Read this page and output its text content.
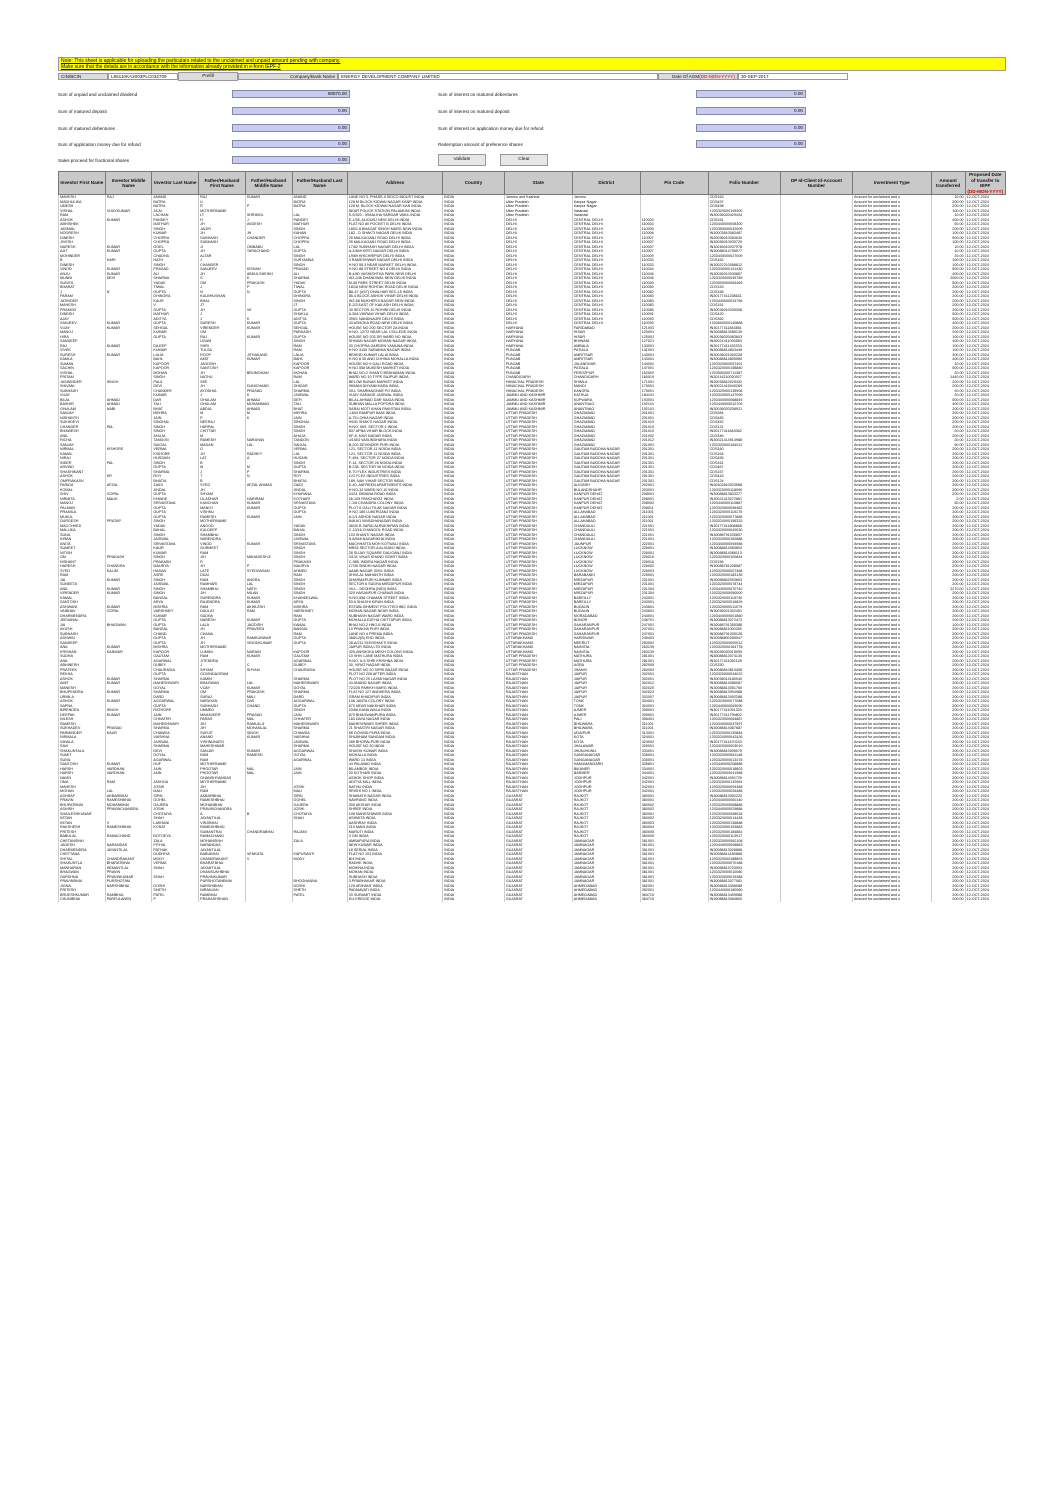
Note: This sheet is applicable for uploading the particulars related to the unclaimed and unpaid amount pending with company.
Make sure that the details are in accordance with the information already provided in e-form IEPF-2
CIN/BCIN	L85110KA2003PLC032709	Prefill	Company/Bank Name	ENERGY DEVELOPMENT COMPANY LIMITED	Date Of AGM(DD-MON-YYYY)	30-SEP-2017
Sum of unpaid and unclaimed dividend	88870.00
Sum of matured deposit	0.00
Sum of matured debentures	0.00
Sum of application money due for refund	0.00
Sales proceed for fractional shares	0.00
Sum of interest on matured debentures	0.00
Sum of interest on matured deposit	0.00
Sum of interest on application money due for refund	0.00
Redemption amount of preference shares	0.00
Validate	Clear
Investor First Name	Investor Middle Name	Investor Last Name	Father/Husband First Name	Father/Husband Middle Name	Father/Husband Last Name	Address	Country	State	District	Pin Code	Folio Number	DP Id-Client Id-Account Number	Investment Type	Amount transferred	Proposed Date of transfer to IEPF
(DD-MON-YYYY)
MAHESH	RAJ	ANAND	RAJ	KUMAR	ANAND	LANE NO 3, PHASE-II SIDCO INDUST INDIA	INDIA	Jammu and Kashmir	Jammu		CDS163		Amount for unclaimed and u	10.00	12-OCT-2024
MADHULIKA		BATRA	U		BATRA	128 M BLOCK KIDWAI NAGAR KANP INDIA	INDIA	Uttar Pradesh	Kanpur Nagar		CDS497		Amount for unclaimed and u	200.00	12-OCT-2024
UMESH		BATRA	R	P	BATRA	128 M, BLOCK KIDWAI NAGAR KAN INDIA	INDIA	Uttar Pradesh	Kanpur Nagar		CDS498		Amount for unclaimed and u	200.00	12-OCT-2024
VISHAL	VIJAYKUMAR	JAJU	MOTHERNAME			NEAR POLICE STATION PALAMUNI INDIA	INDIA	Uttar Pradesh	Varanasi		1203320000199300		Amount for unclaimed and u	100.00	12-OCT-2024
RAM		LACHAN	LT	SHRIMOL	LAL	S-9/320 - VIMALIHA SARDAR VAKIL INDIA	INDIA	Uttar Pradesh	Varanasi		IN30036020429434		Amount for unclaimed and u	10.00	12-OCT-2024
ASHOK	KUMAR	PANDEY	H	J	PANDEY	E-1/28, ALIGUNJ NEW DELHI INDIA	INDIA	DELHI	CENTRAL DELHI	110003	CDS151		Amount for unclaimed and u	400.00	12-OCT-2024
ABHISHEK		MATHUR	JH	AVDESH	MATHUR	FLAT NO 80 POCKET B DELHI INDIA	INDIA	DELHI	CENTRAL DELHI	110003	1203440000008300		Amount for unclaimed and u	50.00	12-OCT-2024
JASMAIL		SINGH	JAGIR		SINGH	180/1 A BHAGAT SINGH MARG NEW INDIA	INDIA	DELHI	CENTRAL DELHI	110005	1203350000042009		Amount for unclaimed and u	200.00	12-OCT-2024
NOORESH		KUMAR	JH	JH	KAHAN	182 - D SHAKTI NAGAR DELHI INDIA	INDIA	DELHI	CENTRAL DELHI	110006	IN30003810083487		Amount for unclaimed and u	100.00	12-OCT-2024
DINESH		CHOPRA	SUBHASH	CHANDER	CHOPRA	25 MALKAGANJ ROAD DELHI INDIA	INDIA	DELHI	CENTRAL DELHI	110007	IN30036010083630		Amount for unclaimed and u	500.00	12-OCT-2024
JIVESH		CHOPRA	SUBHASH		CHOPRA	25 MALKAGANJ ROAD DELHI INDIA	INDIA	DELHI	CENTRAL DELHI	110007	IN30036010030720		Amount for unclaimed and u	100.00	12-OCT-2024
NARESH	KUMAR	GOEL	JI	OMBABU	LAL	17/62 SUBHASH NAGAR DELHI INDIA	INDIA	DELHI	CENTRAL DELHI	110007	IN30246010037978		Amount for unclaimed and u	10.00	12-OCT-2024
AJIT	KUMAR	GUPTA	JH	TARACHAND	GUPTA	A-2/469 KIRTI NAGAR DELHI INDIA	INDIA	DELHI	CENTRAL DELHI	110007	IN30088014755577		Amount for unclaimed and u	10.00	12-OCT-2024
MOHINDER		CHADHA	ALTAR		SINGH	19/69 KHICHRIPUR DELHI INDIA	INDIA	DELHI	CENTRAL DELHI	110009	1203440000027009		Amount for unclaimed and u	20.00	12-OCT-2024
B	HARI	NATH	J		SURYANNA	3 RAMESHWAR NAGAR DELHI INDIA	INDIA	DELHI	CENTRAL DELHI	110033	CDS162		Amount for unclaimed and u	100.00	12-OCT-2024
DINESH		SINGH	CHANDER		SINGH	H NO 55 3 NEAR MARKET DELHI INDIA	INDIA	DELHI	CENTRAL DELHI	110033	IN30022210088812		Amount for unclaimed and u	100.00	12-OCT-2024
VINOD	KUMAR	PRASAD	SANJEEV	KISHAN	PRASAD	H NO 88 STREET NO 8 DELHI INDIA	INDIA	DELHI	CENTRAL DELHI	110044	1203330000141430		Amount for unclaimed and u	500.00	12-OCT-2024
ANJU	KUMAR	ALI	JH	ABDULSHEIKH	ALI	B-4/80 VASHISHTHA PARK NEW DELHI	INDIA	DELHI	CENTRAL DELHI	110046	IN30036010039867		Amount for unclaimed and u	400.00	12-OCT-2024
MUNNI	DEVI	SHARMA	S	K	SHARMA	WZ-346 DHANDWAL NEW DELHI INDIA	INDIA	DELHI	CENTRAL DELHI	110046	1203320000045789		Amount for unclaimed and u	2000.00	12-OCT-2024
SUNITA		YADAV	OM	PRAKASH	YADAV	M-36 PARK STREET DELHI INDIA	INDIA	DELHI	CENTRAL DELHI	110049	1203500000064469		Amount for unclaimed and u	500.00	12-OCT-2024
BHARAT		TIWAL	J	P	TIWAL	18/18 NEW ROHTAK ROAD DELHI INDIA	INDIA	DELHI	CENTRAL DELHI	110050	CDS153		Amount for unclaimed and u	200.00	12-OCT-2024
J	N	GUPTA	N	N	GUPTA	B6-47 (AST) DHALHAR SEC-15 INDIA	INDIA	DELHI	CENTRAL DELHI	110082	CDS158		Amount for unclaimed and u	200.00	12-OCT-2024
PARAM		DHINGRA	KULBHUSHAN		DHINGRA	85-4 BLOCK ASHOK VIHAR DELHI INDIA	INDIA	DELHI	CENTRAL DELHI	110083	IN30177411238631		Amount for unclaimed and u	200.00	12-OCT-2024
JATINDER		KAUR	BHAL		SINGH	WZ-68 MUKHERJI NAGAR NEW INDIA	INDIA	DELHI	CENTRAL DELHI	110083	1203440000034796		Amount for unclaimed and u	200.00	12-OCT-2024
MAHESH		V	JT		JT	E-2/3 EAST OF KAILASH DELHI INDIA	INDIA	DELHI	CENTRAL DELHI	110083	CDS151		Amount for unclaimed and u	200.00	12-OCT-2024
PRAMOD		GUPTA	JH	VK	GUPTA	30 SECTOR-10 ROHINI DELHI INDIA	INDIA	DELHI	CENTRAL DELHI	110085	IN30036010035308		Amount for unclaimed and u	200.00	12-OCT-2024
DINESH		MATHUR	J		SHUKLA	8-30A VIKRAM VIHAR DELHI INDIA	INDIA	DELHI	CENTRAL DELHI	110091	CDS420		Amount for unclaimed and u	500.00	12-OCT-2024
AJAY		ADITYA	J	K	ADITYA	395/1 NANDNAGRI DELHI INDIA	INDIA	DELHI	CENTRAL DELHI	110093	CDS362		Amount for unclaimed and u	500.00	12-OCT-2024
SANJEEV	KUMAR	GUPTA	SURESH	KUMAR	GUPTA	43 ASHOKA ROAD NEW DELHI INDIA	INDIA	DELHI	CENTRAL DELHI	110093	1203600000140888		Amount for unclaimed and u	400.00	12-OCT-2024
VIJAY	KUMAR	SEHGAL	VIRENDER	KUMAR	SEHGAL	HOUSE NO 200 SECTOR 2A INDIA	INDIA	HARYANA	FARIDABAD	121003	IN30177411843851		Amount for unclaimed and u	200.00	12-OCT-2024
MANOJ		KUMAR	OM		PARKASH	H.NO. 12/72 NEAR LAL COLLEGE INDIA	INDIA	HARYANA	HISAR	125001	IN30088813085130		Amount for unclaimed and u	200.00	12-OCT-2024
HIRA		GUPTA	RAJ	KUMAR	GUPTA	HOUSE NO 203 DR WARD NO INDIA	INDIA	HARYANA	HISAR	125001	IN30036020083603		Amount for unclaimed and u	100.00	12-OCT-2024
SANDEEP			UGAM		SINGH	SHIVAM NAGAR MOHAN NAGAR INDIA	INDIA	HARYANA	BHIWANI	127021	IN30021411093583		Amount for unclaimed and u	400.00	12-OCT-2024
RAJ	KUMAR	DILEEP	SHRI		RAM	20 CHOPRA GARDEN YAMUNA INDIA	INDIA	HARYANA	AMBALA	133001	IN30177411433333		Amount for unclaimed and u	100.00	12-OCT-2024
VIVEK		KUMAR	TULSA		RAM	H NO 3155 SARABHA NAGAR INDIA	INDIA	PUNJAB	PATIALA	141001	IN30088814803446		Amount for unclaimed and u	100.00	12-OCT-2024
SURESH	KUMAR	LALIA	ROOP	JITHAKAND	LALIA	BEHIND KUMAR LALIA INDIA	INDIA	PUNJAB	AMRITSAR	143001	IN30036021000228		Amount for unclaimed and u	300.00	12-OCT-2024
KAMLA		BAHL	AMIT	KUMAR	BAHL	H NO 8 30 AND CHHINA MOHALLA INDIA	INDIA	PUNJAB	AMRITSAR	143001	IN30088814805060		Amount for unclaimed and u	400.00	12-OCT-2024
SUMAN		KAPOOR	JAGDISH		KAPOOR	HOUSE NO 9 GALI ROAD INDIA	INDIA	PUNJAB	JALANDHAR	144002	1203320000057451		Amount for unclaimed and u	10.00	12-OCT-2024
SACHIN		KAPOOR	SANTOSH		KAPOOR	H NO 556 MUKESH MARKET INDIA	INDIA	PUNJAB	PATIALA	147001	1203320000158880		Amount for unclaimed and u	500.00	12-OCT-2024
VISHAL		MOHAN	JH	BRIJMOHAN	MOHAN	BHAJ NO-2 SHANTI BRAHAMAN INDIA	INDIA	PUNJAB	FEROZPUR	152002	1203500000711387		Amount for unclaimed and u	20.00	12-OCT-2024
PRITAM		SINGH	NATHU		RAM	WARD NO 10 TYPE SAJPUR INDIA	INDIA	CHANDIGARH	CHANDIGARH	160019	IN30114310020927		Amount for unclaimed and u	1440.00	12-OCT-2024
JASWINDER	SINGH	PAUL	SEE		LAL	BELOW BUNAS MARKET INDIA	INDIA	HIMACHAL PRADESH	SHIMLA	171001	IN30038810025432		Amount for unclaimed and u	200.00	12-OCT-2024
SHIVANI		DEVI	JH	DUNICHAND	SHIGAR	HIMANI DHYANKHARA INDIA	INDIA	HIMACHAL PRADESH	MANDI	175001	IN30021415040269		Amount for unclaimed and u	200.00	12-OCT-2024
SUBHASH		CHANDER	AYODHIA	PRASAD	SHARMA	VILL SHARMAGHAR PO INDIA	INDIA	HIMACHAL PRADESH	KANGRA	176001	1203320000135908		Amount for unclaimed and u	20.00	12-OCT-2024
VIJAY		KUMAR	J	K	JAISWAL	VIJAY GARAGE JAISWAL INDIA	INDIA	JAMMU AND KASHMIR	KATHUA	184101	1203320000147999		Amount for unclaimed and u	20.00	12-OCT-2024
BILAL	AHMAD	DAR	GHULAM	AHMAD	DEFI	BILAL AHMAD DAR SAIDA INDIA	INDIA	JAMMU AND KASHMIR	KUPWARA	193001	1203440000068849		Amount for unclaimed and u	500.00	12-OCT-2024
BASHIR	AHMAD	TALI	GHULAM	MOHAMMAD	TALI	SUBHAN MALLA POPORA INDIA	INDIA	JAMMU AND KASHMIR	ANANTNAG	192101	1203440000012709		Amount for unclaimed and u	400.00	12-OCT-2024
GHULAM	NABI	BHAT	ABDUL	AHMAD	BHAT	SARAI MOTI KHAN PAKISTAN INDIA	INDIA	JAMMU AND KASHMIR	ANANTNAG	192101	IN30036020208921		Amount for unclaimed and u	200.00	12-OCT-2024
SANJAY		MEHRA	M	M	MEHRA	J-604 RAMPUR BANI INDIA	INDIA	UTTAR PRADESH	GHAZIABAD	201001	CDS384		Amount for unclaimed and u	200.00	12-OCT-2024
NISHANTH		JAIN	P	K	JAIN	A-75 LOHIA NAGAR INDIA	INDIA	UTTAR PRADESH	GHAZIABAD	201001	CDS483		Amount for unclaimed and u	200.00	12-OCT-2024
SUKHDEVI		SINGHAL	NEERAJ		SINGHAL	94/31 SHAKTI NAGAR INDIA	INDIA	UTTAR PRADESH	GHAZIABAD	201010	CDS452		Amount for unclaimed and u	200.00	12-OCT-2024
CHANDER	PAL	SINGH	HARPAL		SINGH	H.NO. 509, SECTOR 4 INDIA	INDIA	UTTAR PRADESH	GHAZIABAD	201010	CDS131		Amount for unclaimed and u	200.00	12-OCT-2024
BHAWESH		SINGH	CHITTAR		SINGH	837 APNA VIHAR BLOCK INDIA	INDIA	UTTAR PRADESH	GHAZIABAD	201010	IN30177411843062		Amount for unclaimed and u	20.00	12-OCT-2024
ANIL		AHUJA	M		AHUJA	KF-8, KAVI NAGAR INDIA	INDIA	UTTAR PRADESH	GHAZIABAD	201002	CDS346		Amount for unclaimed and u	200.00	12-OCT-2024
RICHA		TANDON	RAMESH	NARAYAN	TANDON	4/1503 VASUNDHARA INDIA	INDIA	UTTAR PRADESH	GHAZIABAD	201012	IN30021414914988		Amount for unclaimed and u	20.00	12-OCT-2024
SANJAY		SAIGAL	MADAN	LAL	SAIGAL	B-202 DEVINDER PURI INDIA	INDIA	UTTAR PRADESH	GHAZIABAD	201001	1203320000164012		Amount for unclaimed and u	50.00	12-OCT-2024
NIRMAL	KISHORE	VERMA	G		VERMA	I-21, SECTOR-11 NOIDA INDIA	INDIA	UTTAR PRADESH	GAUTAM BUDDHA NAGAR	201301	CDS160		Amount for unclaimed and u	200.00	12-OCT-2024
KAMAL		KISHORE	JH	RADHEY	LAL	I-21, SECTOR 11 NOIDA INDIA	INDIA	UTTAR PRADESH	GAUTAM BUDDHA NAGAR	201301	CDS164		Amount for unclaimed and u	200.00	12-OCT-2024
NIRAJ		HUSSAIN	LAT	A	HUSAIN	F-494, SECTOR 27 NOIDA INDIA	INDIA	UTTAR PRADESH	GAUTAM BUDDHA NAGAR	201301	CDS455		Amount for unclaimed and u	200.00	12-OCT-2024
INDER	PAL	SINGH	B		SINGH	F-14, SECTOR 26 NOIDA INDIA	INDIA	UTTAR PRADESH	GAUTAM BUDDHA NAGAR	201301	CDS161		Amount for unclaimed and u	200.00	12-OCT-2024
ARVIND		GUPTA	M	M	GUPTA	B-238, SECTOR 36 NOIDA INDIA	INDIA	UTTAR PRADESH	GAUTAM BUDDHA NAGAR	201301	CDS467		Amount for unclaimed and u	200.00	12-OCT-2024
SHASHIKANT		SHARMA	J	P	SHARMA	E-70 FLEX INDUSTRIES INDIA	INDIA	UTTAR PRADESH	GAUTAM BUDDHA NAGAR	201301	CDS157		Amount for unclaimed and u	200.00	12-OCT-2024
ASHOK	KR	ROY	T	N	ROY	C/O FLEX INDUSTRIES INDIA	INDIA	UTTAR PRADESH	GAUTAM BUDDHA NAGAR	201301	CDS443		Amount for unclaimed and u	200.00	12-OCT-2024
OMPRAKASH		BHATIA	B		BHATIA	189, NAV VIHAR SECTOR INDIA	INDIA	UTTAR PRADESH	GAUTAM BUDDHA NAGAR	201301	CDS124		Amount for unclaimed and u	200.00	12-OCT-2024
FARIDA	AFZAL	ZAIDI	SYED	AFZAL AHMAD	ZAIDI	E-40, AAFREEN APARTMENTS INDIA	INDIA	UTTAR PRADESH	ALIGARH	202001	IN30302810023588		Amount for unclaimed and u	200.00	12-OCT-2024
KOMAL		JINDAL	JH		JINDAL	H NO-10 WARD NO-10 INDIA	INDIA	UTTAR PRADESH	BULANDSHAHR	203001	1203320000118090		Amount for unclaimed and u	200.00	12-OCT-2024
SHIV	GOPAL	GUPTA	SHYAM		KHURANA	24/11 DIBIANA ROAD INDIA	INDIA	UTTAR PRADESH	KANPUR DEHAT	208001	IN30088813833377		Amount for unclaimed and u	200.00	12-OCT-2024
NIRMITA	MALIK	KHINDE	LILADHAR	HARIRAM	KOTHARI	26-105 PANCHAYAT INDIA	INDIA	UTTAR PRADESH	KANPUR DEHAT	208001	IN30021413072861		Amount for unclaimed and u	2.00	12-OCT-2024
MANOJ		SRIVASTAVA	KANCHAN	KUMAR	SRIVASTAVA	7-1/6 CHANDRA COLONY INDIA	INDIA	UTTAR PRADESH	KANPUR DEHAT	208002	1203440000110887		Amount for unclaimed and u	50.00	12-OCT-2024
PALMAN		GUPTA	MANOJ	KUMAR	GUPTA	PLOT 6 GALI TILAK NAGAR INDIA	INDIA	UTTAR PRADESH	KANPUR DEHAT	208011	1203320000096482		Amount for unclaimed and u	200.00	12-OCT-2024
PRAMILA		GUPTA	VISHNU		GUPTA	H NO 180 LUKERGANJ INDIA	INDIA	UTTAR PRADESH	ALLAHABAD	211001	1203320000115175		Amount for unclaimed and u	200.00	12-OCT-2024
MUKUL		GUPTA	RAMESH	KUMAR	JAIN	A-2/1 ASHOK NAGAR INDIA	INDIA	UTTAR PRADESH	ALLAHABAD	211001	1203320000077885		Amount for unclaimed and u	300.00	12-OCT-2024
DURGESH	PRATAP	SINGH	MOTHERNAME			848 A/1 NIVADHANASAR INDIA	INDIA	UTTAR PRADESH	ALLAHABAD	211001	1203320000156333		Amount for unclaimed and u	200.00	12-OCT-2024
MACCHHED		YADAV	ANOOD		YADAV	38/40 B SARAI ALRUKHIRAN INDIA	INDIA	UTTAR PRADESH	CHANDAULI	221001	IN30177411808868		Amount for unclaimed and u	200.00	12-OCT-2024
MALLIKA		BAHAL	KULDEEP		BAHAL	C 13/16 CHANGOL ROAD INDIA	INDIA	UTTAR PRADESH	CHANDAULI	221001	1203320000040030		Amount for unclaimed and u	200.00	12-OCT-2024
SUNIL		SINGH	SHAMBHU		SINGH	103 SHANTI NAGAR INDIA	INDIA	UTTAR PRADESH	CHANDAULI	221001	IN30088791030897		Amount for unclaimed and u	200.00	12-OCT-2024
KIRAN		JAISWAL	NARENDRA		JAISWAL	S-8/548 NAGARIKHA INDIA	INDIA	UTTAR PRADESH	CHANDAULI	221001	1203320000162888		Amount for unclaimed and u	200.00	12-OCT-2024
ANITA		SRIVASTAVA	VINOD	KUMAR	SRIVASTAVA	MACHHATTA MOH KOTWALI INDIA	INDIA	UTTAR PRADESH	JAUNPUR	222001	1203440000094988		Amount for unclaimed and u	200.00	12-OCT-2024
SUMEET		KAUR	GURMEET		SINGH	MR53 SECTOR-A ALIGANJ INDIA	INDIA	UTTAR PRADESH	LUCKNOW	226001	IN30088814083803		Amount for unclaimed and u	200.00	12-OCT-2024
NITISH		KUMAR	RAM		SINGH	28 SUJAY SQUARE DALIGANJ INDIA	INDIA	UTTAR PRADESH	LUCKNOW	226001	IN30088814086113		Amount for unclaimed and u	200.00	12-OCT-2024
OM	PRAKASH	SINGH	JIH	MAHADESHJI	SINGH	3/131 VIKAS KHAND GOMTI INDIA	INDIA	UTTAR PRADESH	LUCKNOW	226010	1203320000100844		Amount for unclaimed and u	200.00	12-OCT-2024
NISHANT		PRAKASH	R		PRAKASH	C-985, INDIRA NAGAR INDIA	INDIA	UTTAR PRADESH	LUCKNOW	226016	CDS156		Amount for unclaimed and u	200.00	12-OCT-2024
HARESH	CHANDRA	MAURYA	JH	P	MAURYA	17/30 SINDHI NAGAR INDIA	INDIA	UTTAR PRADESH	LUCKNOW	226002	IN30088781208087		Amount for unclaimed and u	200.00	12-OCT-2024
SYED	KALIM	HASAN	LATE	SYEDHASAN	AHMED	AAAB NAGAR 300/1 INDIA	INDIA	UTTAR PRADESH	LUCKNOW	226003	1203320000007468		Amount for unclaimed and u	200.00	12-OCT-2024
RAM		ASRE	DUAI		RAM	SHIVLAL MAHANTH INDIA	INDIA	UTTAR PRADESH	BARABANKI	225001	1203320000183135		Amount for unclaimed and u	200.00	12-OCT-2024
JAI	KUMAR	SINGH	RAM	ANGRA	SINGH	DHARMAPURI KUMMAR INDIA	INDIA	UTTAR PRADESH	MIRZAPUR	231001	IN30088802093803		Amount for unclaimed and u	200.00	12-OCT-2024
SUNEETA		JAISWAL	RAMHARI	LAL	SINGH	SECTOR 6 SUDHA MIRZAPUR INDIA	INDIA	UTTAR PRADESH	MIRZAPUR	231001	1203320000078744		Amount for unclaimed and u	200.00	12-OCT-2024
ANIL	KUMAR	SINGH	SHAMBHU	NATH	SINGH	VILL - DEOHRA (NIDI) INDIA	INDIA	UTTAR PRADESH	MIRZAPUR	231304	1203440000070740		Amount for unclaimed and u	2270.00	12-OCT-2024
VIRENDER	KUMAR	SINGH	JIH	MILAN	SINGH	320 HASANPUR CHUNAR INDIA	INDIA	UTTAR PRADESH	MIRZAPUR	231304	1203320000090000		Amount for unclaimed and u	200.00	12-OCT-2024
KAMAL		BANSAL	SURENDRA	KUMAR	KHANDELWAL	H.NO-558 CHAMAN STREET INDIA	INDIA	UTTAR PRADESH	BAREILLY	243001	1203320000119740		Amount for unclaimed and u	200.00	12-OCT-2024
SANTOSH		ARYA	RAJENDRA	KUMAR	ARYA	53 A SHASHI KIRAN INDIA	INDIA	UTTAR PRADESH	BAREILLY	243001	1203320000016829		Amount for unclaimed and u	200.00	12-OCT-2024
ASHWANI	KUMAR	MISHRA	RAM	AKHILESH	MISHRA	ESTABLISHMENT POLYTECHNIC INDIA	INDIA	UTTAR PRADESH	BUDAUN	243601	1203320000011079		Amount for unclaimed and u	200.00	12-OCT-2024
VAIBHAV	GOPAL	VARSHNEY	DAULAT	RAM	VARSHNEY	MOHAN NAGAR NEAR INDIA	INDIA	UTTAR PRADESH	BUDAUN	243601	IN30036021002451		Amount for unclaimed and u	200.00	12-OCT-2024
DHARMENDRA		KUMAR	SUDHA		RAM	SUBHASH NAGAR WARD INDIA	INDIA	UTTAR PRADESH	MORADABAD	244001	1203440000001860		Amount for unclaimed and u	200.00	12-OCT-2024
JEEVANAL		GUPTA	NARESH	KUMAR	GUPTA	MOHALLA EATHA CHITTAPUR INDIA	INDIA	UTTAR PRADESH	BIJNOR	246701	IN30088813072473		Amount for unclaimed and u	200.00	12-OCT-2024
JAI	BHAGWAN	GUPTA	LALA	JAGDISH	KAMAL	BHAJ NO-2 HNO-6 INDIA	INDIA	UTTAR PRADESH	SAHARANPUR	247001	IN30088791355388		Amount for unclaimed and u	100.00	12-OCT-2024
AYUSH		BANSAL	JH	PRAVEEN	BANSAL	19 PRAKHA PURI INDIA	INDIA	UTTAR PRADESH	SAHARANPUR	247001	IN30088811000280		Amount for unclaimed and u	200.00	12-OCT-2024
SUBHASH		CHAND	CHANA		RAM	LANE NO 4 PREMA INDIA	INDIA	UTTAR PRADESH	SAHARANPUR	247001	IN30088791005128		Amount for unclaimed and u	200.00	12-OCT-2024
ASHWIN		GUPTA	JH	RAMKUNWAR	GUPTA	368/12(B) EHD INDIA	INDIA	UTTARAKHAND	HARIDWAR	249403	IN30088800285047		Amount for unclaimed and u	200.00	12-OCT-2024
SANDEEP		GUPTA	JH	VINODKUMAR	GUPTA	28-A/211 SHIVSHAKTI INDIA	INDIA	UTTARAKHAND	MEERUT	250002	1203320000000012		Amount for unclaimed and u	200.00	12-OCT-2024
ANIL	KUMAR	MISHRA	MOTHERNAME			JAIPUR INDIA LTD INDIA	INDIA	UTTARAKHAND	NAINITAL	263139	1203320000164778		Amount for unclaimed and u	200.00	12-OCT-2024
KRISHAN	KANWAR	KAPOOR	LUMINI	NARAIN	KAPOOR	425-ANSHOKA MEKH COLONY INDIA	INDIA	UTTARAKHAND	NAINITAL	263139	IN30036020015055		Amount for unclaimed and u	200.00	12-OCT-2024
SUDHA		GAUTAM	RAM	KUMAR	GAUTAM	10 SHIV LANE MATHURA INDIA	INDIA	UTTAR PRADESH	MATHURA	281001	IN30088813074130		Amount for unclaimed and u	200.00	12-OCT-2024
ANIL		AGARWAL	JITENDRA		AGARWAL	H.NO. A-5 SHRI KRISHNA INDIA	INDIA	UTTAR PRADESH	MATHURA	281001	IN30177411082128		Amount for unclaimed and u	200.00	12-OCT-2024
ABHINESH		DUBEY	J	C	DUBEY	30, VIRAT NAGAR INDIA	INDIA	UTTAR PRADESH	AGRA	282005	CDS330		Amount for unclaimed and u	200.00	12-OCT-2024
PRATEEK		CHAURASIA	SHYAM	SHYAM	CHAURASIA	HOUSE NO 20 SIPRI BAZAR INDIA	INDIA	UTTAR PRADESH	JHANSI	284003	IN30088810810458		Amount for unclaimed and u	200.00	12-OCT-2024
REKHA		GUPTA	GOVINDAGRAM			PLOT NO 208 AFTER INDIA	INDIA	RAJASTHAN	JAIPUR	302001	1203320000044022		Amount for unclaimed and u	200.00	12-OCT-2024
ASHOK	KUMAR	SHARMA	KAMIN		SHARMA	PLOT NO 29 LAXMI NAGAR INDIA	INDIA	RAJASTHAN	JAIPUR	302001	IN30036014180040		Amount for unclaimed and u	200.00	12-OCT-2024
AMIT	KUMAR	MAHESHWARI	BHAGWAN	LAL	MAHESHWARI	43 ANAND NAGAR INDIA	INDIA	RAJASTHAN	JAIPUR	302012	IN30088814086087		Amount for unclaimed and u	200.00	12-OCT-2024
MANESH		GOYAL	VIJAY	KUMAR	GOYAL	72/226 PARIKH MARG INDIA	INDIA	RAJASTHAN	JAIPUR	302020	IN30088813051760		Amount for unclaimed and u	200.00	12-OCT-2024
BHUPENDRA	KUMAR	SHARMA	OM	PRAKASH	SHARMA	FLAT NO 127 ANDHERA INDIA	INDIA	RAJASTHAN	JAIPUR	302023	IN30088813094988		Amount for unclaimed and u	200.00	12-OCT-2024
URMILA		DARD	SURAJ	MALI	DARD	GRAM KHADIPUR INDIA	INDIA	RAJASTHAN	JAIPUR	303007	IN30088813092288		Amount for unclaimed and u	200.00	12-OCT-2024
ASHOK	KUMAR	AGGARWAL	NARAYAN	DAS	AGGARWAL	108 JANTA COLONY INDIA	INDIA	RAJASTHAN	TONK	304001	1203320000077088		Amount for unclaimed and u	200.00	12-OCT-2024
SAPNA		GUPTA	SUBHASH	CHAND	GUPTA	670 NEAR NAKKHAR INDIA	INDIA	RAJASTHAN	TONK	304001	1203440000063090		Amount for unclaimed and u	200.00	12-OCT-2024
BIRENDRA	SINGH	RATHORE	UMMED		SINGH	23/6A KANA WALA INDIA	INDIA	RAJASTHAN	AJMER	305001	IN30177411051320		Amount for unclaimed and u	200.00	12-OCT-2024
DEEPAK	KUMAR	JAIN	MAHAVEER	PRASAD	JAIN	870 BHAGWANPURA INDIA	INDIA	RAJASTHAN	AJMER	305001	IN30177411799802		Amount for unclaimed and u	200.00	12-OCT-2024
NILESH		CHHATER	PARAS	MAL	CHHATER	183 DAYA NAGAR INDIA	INDIA	RAJASTHAN	PALI	306401	1203320000064887		Amount for unclaimed and u	200.00	12-OCT-2024
RAMESH		MAHESHWARI	JIH	RAMLALJI	MAHESHWARI	MAHESHWARI SHREE INDIA	INDIA	RAJASTHAN	BHILWARA	311001	1203440000047597		Amount for unclaimed and u	200.00	12-OCT-2024
SUKHADEV	PRASAD	SHARMA	JIH	MOHANLAL	SHARMA	21 SHASTRI NAGAR INDIA	INDIA	RAJASTHAN	BHILWARA	311001	IN30088814087687		Amount for unclaimed and u	200.00	12-OCT-2024
PARMINDER	KAUR	CHAWDA	SURJIT	SINGH	CHAWDA	58 GOVIND PURA INDIA	INDIA	RAJASTHAN	UDAIPUR	313001	1203320000130884		Amount for unclaimed and u	200.00	12-OCT-2024
NIRMALA		VAISHNA	ANAND	KUMAR	VAISHNA	SHUBHAM SANGAM INDIA	INDIA	RAJASTHAN	KOTA	324001	1203320000042426		Amount for unclaimed and u	200.00	12-OCT-2024
VIMALA		JAISWAL	VISHNUNATH		JAISWAL	280 BHOPALPURI INDIA	INDIA	RAJASTHAN	KOTA	324002	IN30177411470243		Amount for unclaimed and u	200.00	12-OCT-2024
SAVI		SHARMA	MAHESHWAR		SHARMA	HOUSE NO 30 INDIA	INDIA	RAJASTHAN	JHALAWAR	326001	1203320000003010		Amount for unclaimed and u	200.00	12-OCT-2024
SHAKUNTALA		DEVI	SANJAY	KUMAR	AGGARWAL	SHASHI KUMAR INDIA	INDIA	RAJASTHAN	JHUNJHUNU	333001	IN30088810005070		Amount for unclaimed and u	200.00	12-OCT-2024
SUMIT		GOYAL	RAM	RAMESH	GOYAL	MOHALLA INDIA	INDIA	RAJASTHAN	GANGANAGAR	335001	1203320000061148		Amount for unclaimed and u	200.00	12-OCT-2024
SUNIL		AGARWAL	RAM		AGARWAL	WARD 13 INDIA	INDIA	RAJASTHAN	GANGANAGAR	335001	1203320000013478		Amount for unclaimed and u	200.00	12-OCT-2024
SANTOSH	KUMAR	HUF	MOTHERNAME			44 PALAVAD INDIA	INDIA	RAJASTHAN	HANUMANGARH	335801	1203440000206888		Amount for unclaimed and u	200.00	12-OCT-2024
HARSH	VARDHAN	JAIN	PHOOTAR	MAL	JAIN	BILAMBOK INDIA	INDIA	RAJASTHAN	BIKANER	334001	1203320000018803		Amount for unclaimed and u	200.00	12-OCT-2024
HARSH	VARDHAN	JAIN	PHOOTAR	MAL	JAIN	20 KOTHARI INDIA	INDIA	RAJASTHAN	BARMER	344001	1203320000041988		Amount for unclaimed and u	200.00	12-OCT-2024
NAVIN			GHANSHYAMDAS			ASHOK SHOP INDIA	INDIA	RAJASTHAN	JODHPUR	342001	IN30088814091720		Amount for unclaimed and u	200.00	12-OCT-2024
OMA	RAM	JAKHOA	MOTHERNAME			ADITYA MILL INDIA	INDIA	RAJASTHAN	JODHPUR	342001	1203320000132981		Amount for unclaimed and u	200.00	12-OCT-2024
MAHESH		JOSHI	JIH		JOSHI	NATHU INDIA	INDIA	RAJASTHAN	JODHPUR	342001	1203320000094388		Amount for unclaimed and u	200.00	12-OCT-2024
MOHAN	LAL	MALI	RAM		MALI	SRISHI NO 1 INDIA	INDIA	RAJASTHAN	JODHPUR	342001	1203320000026488		Amount for unclaimed and u	200.00	12-OCT-2024
ASHRAF	AKBARBHAI	SIPAI	AKBARBHAI		SIPAI	SHAMATH NAGAR INDIA	INDIA	GUJARAT	RAJKOT	360001	IN30088813052220		Amount for unclaimed and u	200.00	12-OCT-2024
PRAVIN	RAMESHBHAI	GOHEL	RAMESHBHAI		GOHEL	NAVRANG INDIA	INDIA	GUJARAT	RAJKOT	360001	1203440000060140		Amount for unclaimed and u	200.00	12-OCT-2024
BHUPATBHAI	MOHANBHAI	GAJERA	MOHANBHAI		GAJERA	305 AKSHAY INDIA	INDIA	GUJARAT	RAJKOT	360002	1203320000068888		Amount for unclaimed and u	200.00	12-OCT-2024
ASHISH	PRAVINCHANDRA	JOSHI	PRAVINCHANDRA		JOSHI	SHREE INDIA	INDIA	GUJARAT	RAJKOT	360002	1203440000029888		Amount for unclaimed and u	200.00	12-OCT-2024
SHAILESHKUMAR		CHOTAIYA	A	B	CHOTAIYA	108 MAHESHWARI INDIA	INDIA	GUJARAT	RAJKOT	360001	1203320000058918		Amount for unclaimed and u	200.00	12-OCT-2024
KETAN		SHAH	JAYANTILAL		SHAH	ASHMITA INDIA	INDIA	GUJARAT	RAJKOT	360002	1203320000014428		Amount for unclaimed and u	200.00	12-OCT-2024
KETAN	V	LAKHANI	VIRJIBHAI			AASHRAY INDIA	INDIA	GUJARAT	RAJKOT	360003	1203320000136688		Amount for unclaimed and u	200.00	12-OCT-2024
RAKSHESH	RAMESHBHAI	KOSAT	RAMESHBHAI			210 MAIN INDIA	INDIA	GUJARAT	RAJKOT	360004	1203320000153883		Amount for unclaimed and u	200.00	12-OCT-2024
PRITESH			SUMANTRAI	CHANDRABHAI	RAJANI	MARUTI INDIA	INDIA	GUJARAT	RAJKOT	360005	1203320000184881		Amount for unclaimed and u	200.00	12-OCT-2024
BABULAL	RAMACHAND	BOTOEYA	RAMACHAND			3 OM INDIA	INDIA	GUJARAT	RAJKOT	360005	1203320000113917		Amount for unclaimed and u	200.00	12-OCT-2024
CHETANSINH		ZALA	MOHANSINH		ZALA	AMBAPURA INDIA	INDIA	GUJARAT	JAMNAGAR	361001	1203320000062108		Amount for unclaimed and u	200.00	12-OCT-2024
JAGESH	NARANDAS	PITHIA	NARANDAS			NEW KUMAR INDIA	INDIA	GUJARAT	JAMNAGAR	361001	1203440000008883		Amount for unclaimed and u	200.00	12-OCT-2024
DHARMENDRA	JAYANTILAL	PATHAK	JAYANTILAL			18 SERIAL INDIA	INDIA	GUJARAT	JAMNAGAR	361001	IN30088813026888		Amount for unclaimed and u	200.00	12-OCT-2024
CHETTANA		DUDHIYA	BABUBHAI	VENKATA	KAPUSANTI	FLAT NO 103 INDIA	INDIA	GUJARAT	JAMNAGAR	361001	IN30088814180888		Amount for unclaimed and u	200.00	12-OCT-2024
SHITAL	CHANDRAKANT	MODY	CHANDRAKANT	V	MODY	B/4 INDIA	INDIA	GUJARAT	JAMNAGAR	361001	1203320000188893		Amount for unclaimed and u	200.00	12-OCT-2024
SHAKUNTLA	BHARATBHAI	VERMA	BHARATBHAI			RADHE INDIA	INDIA	GUJARAT	JAMNAGAR	361001	1203320000070188		Amount for unclaimed and u	200.00	12-OCT-2024
MANHARAN	HEMANTLAL	SHAH	JAYANTILAL			MOHINA INDIA	INDIA	GUJARAT	JAMNAGAR	361001	IN30088813703003		Amount for unclaimed and u	200.00	12-OCT-2024
BHAGWAN	PRAVIN		DHANSUKHBHAI			MOHAN INDIA	INDIA	GUJARAT	JAMNAGAR	361001	1203320000010080		Amount for unclaimed and u	200.00	12-OCT-2024
DARSHNA	PRAVINKUMAR	SHAH	PRAVINKUMAR			SUBHASH INDIA	INDIA	GUJARAT	JAMNAGAR	361001	1203320000019388		Amount for unclaimed and u	200.00	12-OCT-2024
PRAVINBHAI	PURSHOTAM		PURSHOTAMBHAI		BHOGHANNA	3 PRABHAKAR INDIA	INDIA	GUJARAT	JAMNAGAR	361001	IN30088813077081		Amount for unclaimed and u	200.00	12-OCT-2024
JIGNA	NARSHIBHAI	DOSHI	NARSHIBHAI		DOSHI	125 ARIHANT INDIA	INDIA	GUJARAT	AHMEDABAD	362001	IN30088813406088		Amount for unclaimed and u	200.00	12-OCT-2024
PRITESH		SHETH	NIRANJAN		SHETH	PADMAVATI INDIA	INDIA	GUJARAT	AHMEDABAD	362001	1203440000180060		Amount for unclaimed and u	200.00	12-OCT-2024
BRIJESHKUMAR	RAMBHAI	PATEL	RAMBHAI		PATEL	33 SURAMIT INDIA	INDIA	GUJARAT	AHMEDABAD	364710	IN30088813409588		Amount for unclaimed and u	200.00	12-OCT-2024
CHUNIBHAI	PARFULANEN	P	PRAKASHSHAN			E/4 KRIDGE INDIA	INDIA	GUJARAT	AHMEDABAD	364710	IN30088813064800		Amount for unclaimed and u	200.00	12-OCT-2024
